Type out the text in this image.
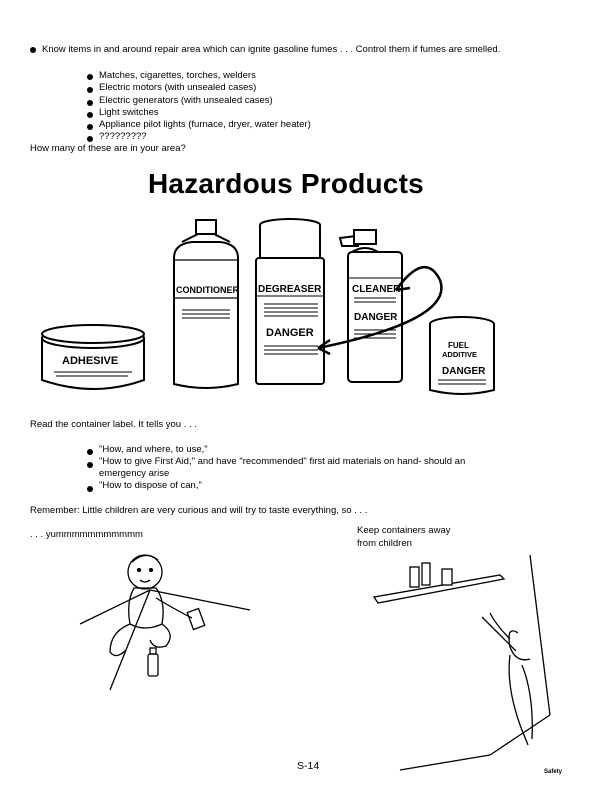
Know items in and around repair area which can ignite gasoline fumes . . . Control them if fumes are smelled.
Matches, cigarettes, torches, welders
Electric motors (with unsealed cases)
Electric generators (with unsealed cases)
Light switches
Appliance pilot lights (furnace, dryer, water heater)
?????????
How many of these are in your area?
Hazardous Products
ADHESIVE
CONDITIONER DEGREASER
DANGER
CLEANER
DANGER
FUEL
ADDITIVE
DANGER
Read the container label. It tells you . . .
"How, and where, to use,"
"How to give First Aid," and have "recommended" first aid materials on hand- should an
emergency arise
"How to dispose of can,"
Remember: Little children are very curious and will try to taste everything, so . . .
. . . yummmmmmmmmmm	Keep containers away
from children
S-14	Safety
